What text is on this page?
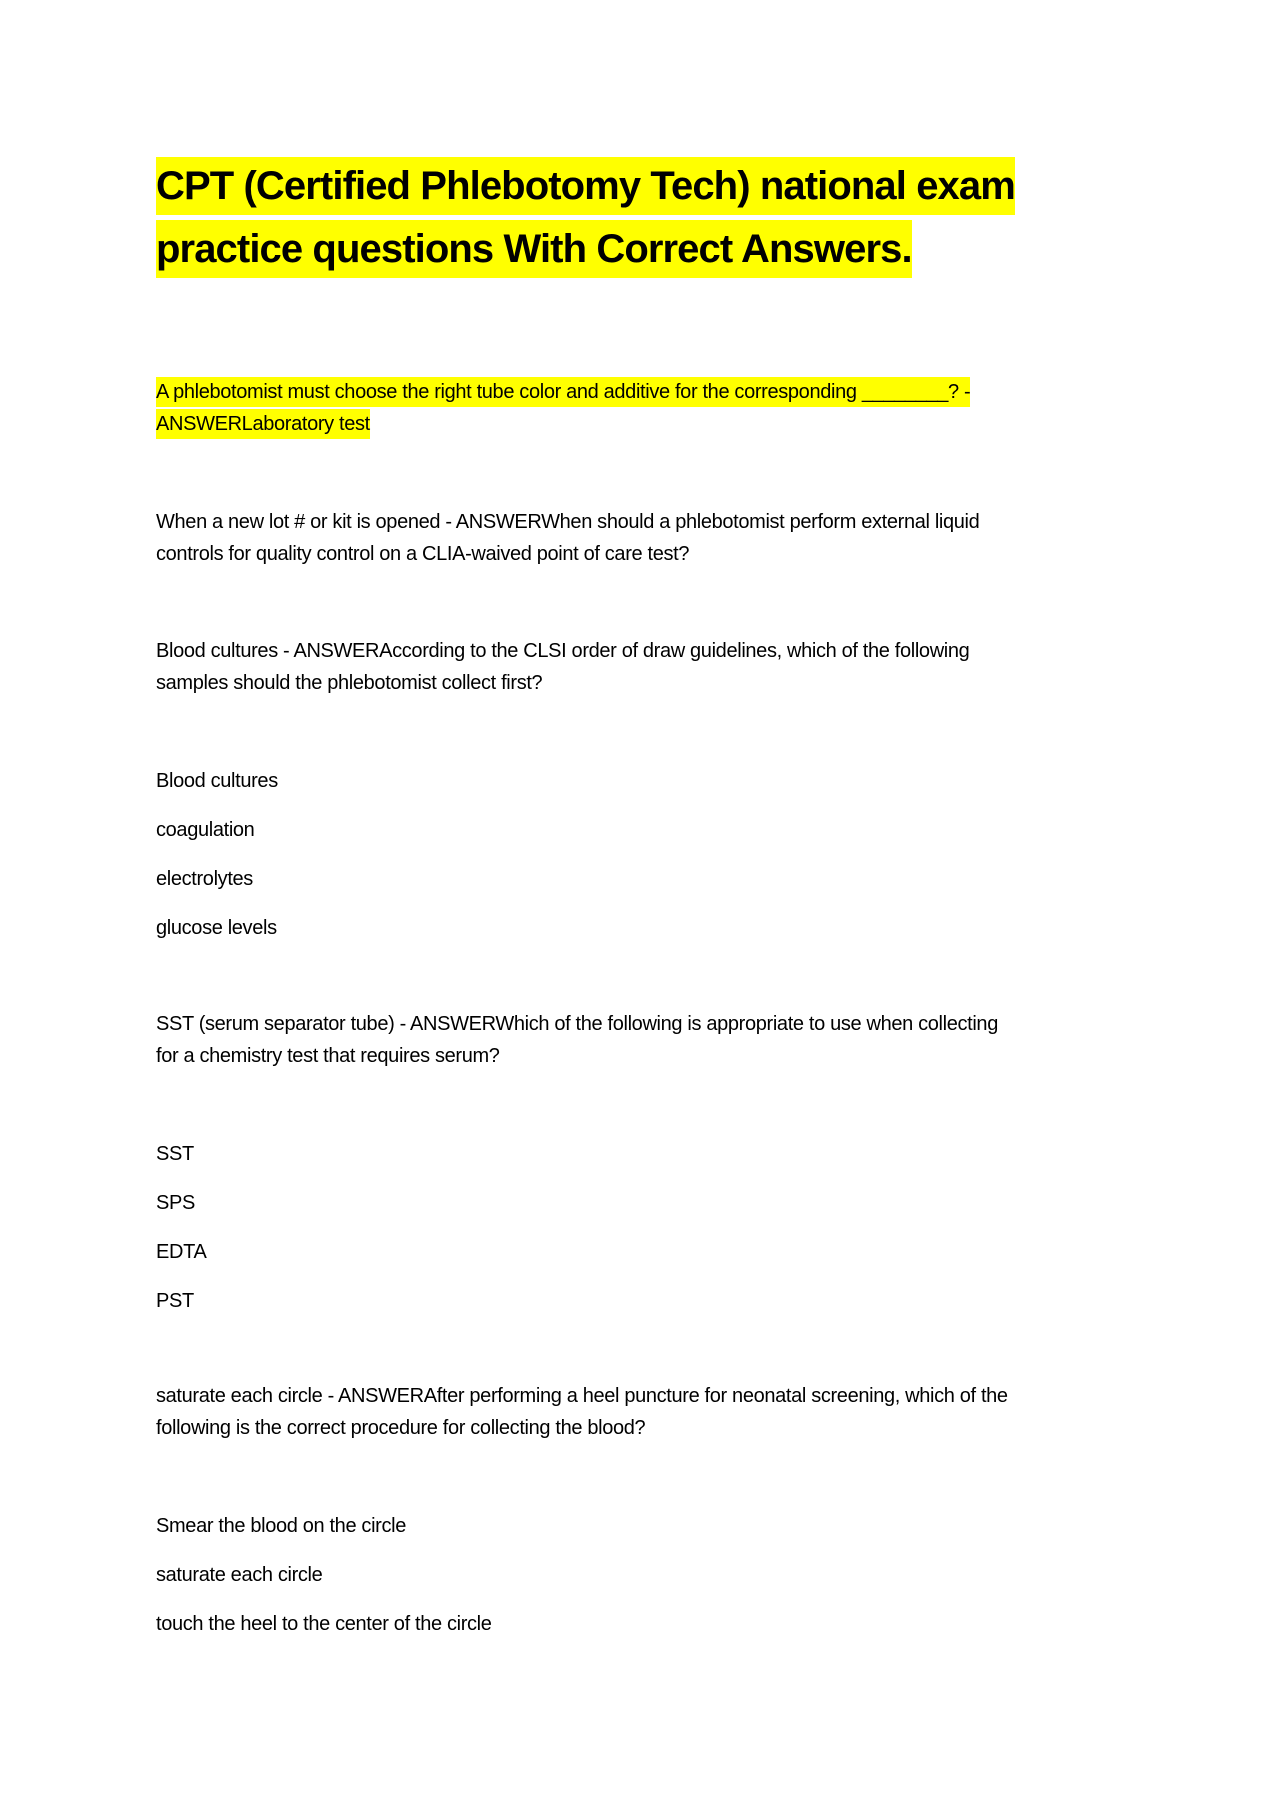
CPT (Certified Phlebotomy Tech) national exam
practice questions With Correct Answers.
A phlebotomist must choose the right tube color and additive for the corresponding ________? -
ANSWERLaboratory test
When a new lot # or kit is opened - ANSWERWhen should a phlebotomist perform external liquid
controls for quality control on a CLIA-waived point of care test?
Blood cultures - ANSWERAccording to the CLSI order of draw guidelines, which of the following
samples should the phlebotomist collect first?
Blood cultures
coagulation
electrolytes
glucose levels
SST (serum separator tube) - ANSWERWhich of the following is appropriate to use when collecting
for a chemistry test that requires serum?
SST
SPS
EDTA
PST
saturate each circle - ANSWERAfter performing a heel puncture for neonatal screening, which of the
following is the correct procedure for collecting the blood?
Smear the blood on the circle
saturate each circle
touch the heel to the center of the circle
